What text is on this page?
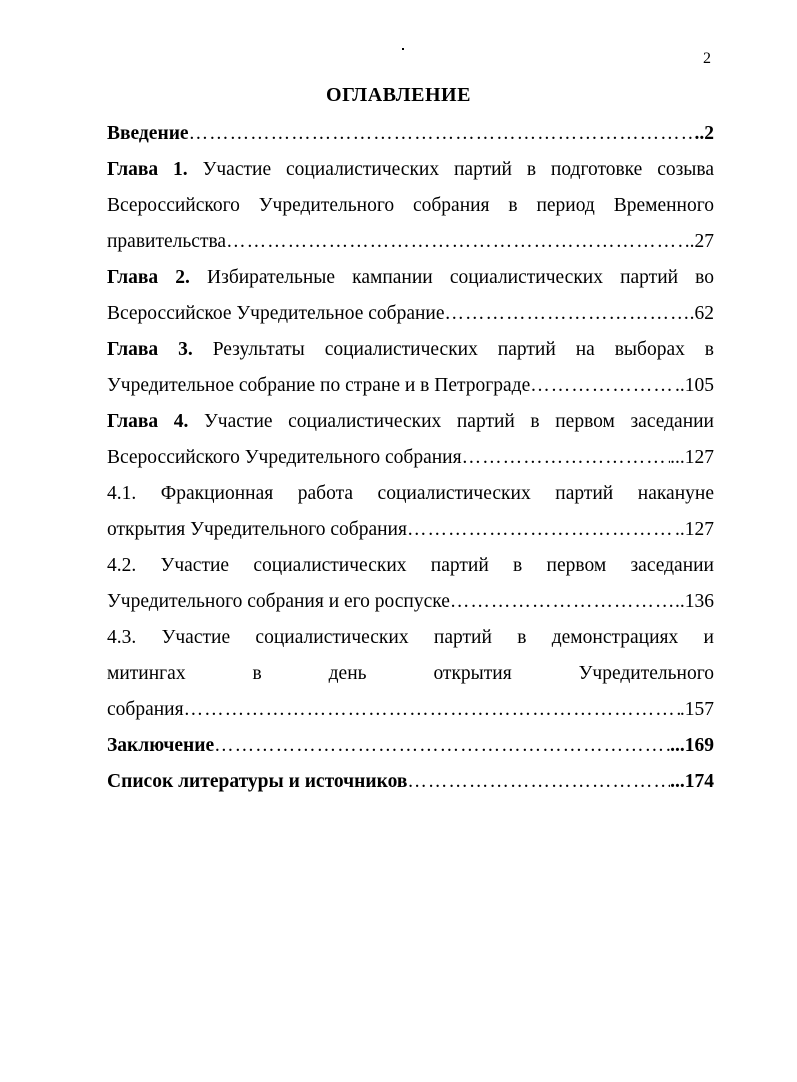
2
ОГЛАВЛЕНИЕ
Введение ……………………………………………………………………………………………………………………	..2
Глава 1. Участие социалистических партий в подготовке созыва
Всероссийского Учредительного собрания в период Временного
правительства ……………………………………………………………………………………………………………………	..27
Глава 2. Избирательные кампании социалистических партий во
Всероссийское Учредительное собрание ……………………………………………………………………………………………………………………	.62
Глава 3. Результаты социалистических партий на выборах в
Учредительное собрание по стране и в Петрограде ……………………………………………………………………………………………………………………	..105
Глава 4. Участие социалистических партий в первом заседании
Всероссийского Учредительного собрания ……………………………………………………………………………………………………………………	...127
4.1. Фракционная работа социалистических партий накануне
открытия Учредительного собрания ……………………………………………………………………………………………………………………	..127
4.2. Участие социалистических партий в первом заседании
Учредительного собрания и его роспуске ……………………………………………………………………………………………………………………	..136
4.3. Участие социалистических партий в демонстрациях и
митингах в день открытия Учредительного
собрания ……………………………………………………………………………………………………………………	.157
Заключение ……………………………………………………………………………………………………………………	...169
Список литературы и источников ……………………………………………………………………………………………………………………	...174
